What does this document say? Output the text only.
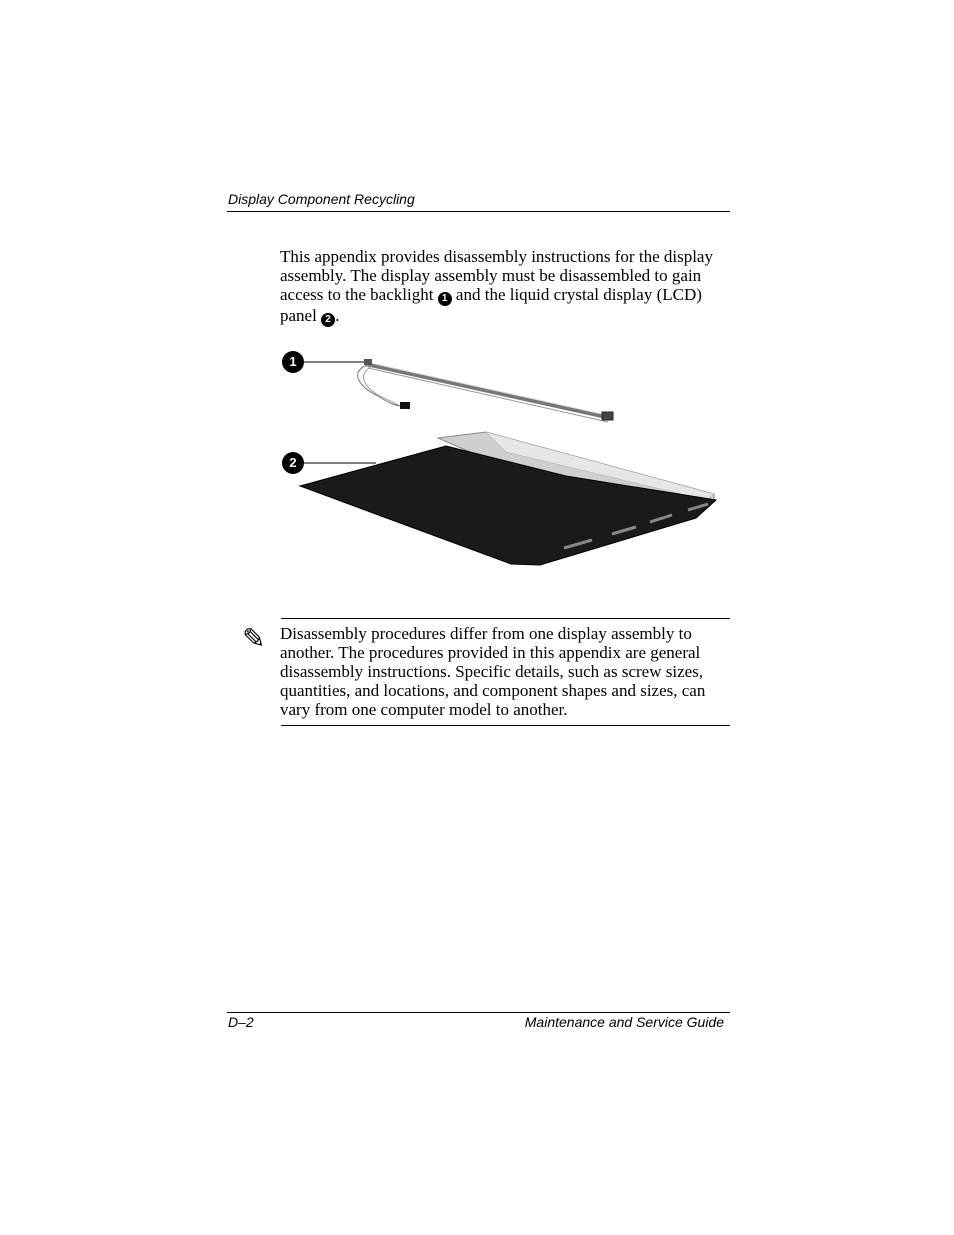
Display Component Recycling
This appendix provides disassembly instructions for the display assembly. The display assembly must be disassembled to gain access to the backlight 1 and the liquid crystal display (LCD) panel 2 .
1
2
✎ Disassembly procedures differ from one display assembly to another. The procedures provided in this appendix are general disassembly instructions. Specific details, such as screw sizes, quantities, and locations, and component shapes and sizes, can vary from one computer model to another.
D–2	Maintenance and Service Guide
